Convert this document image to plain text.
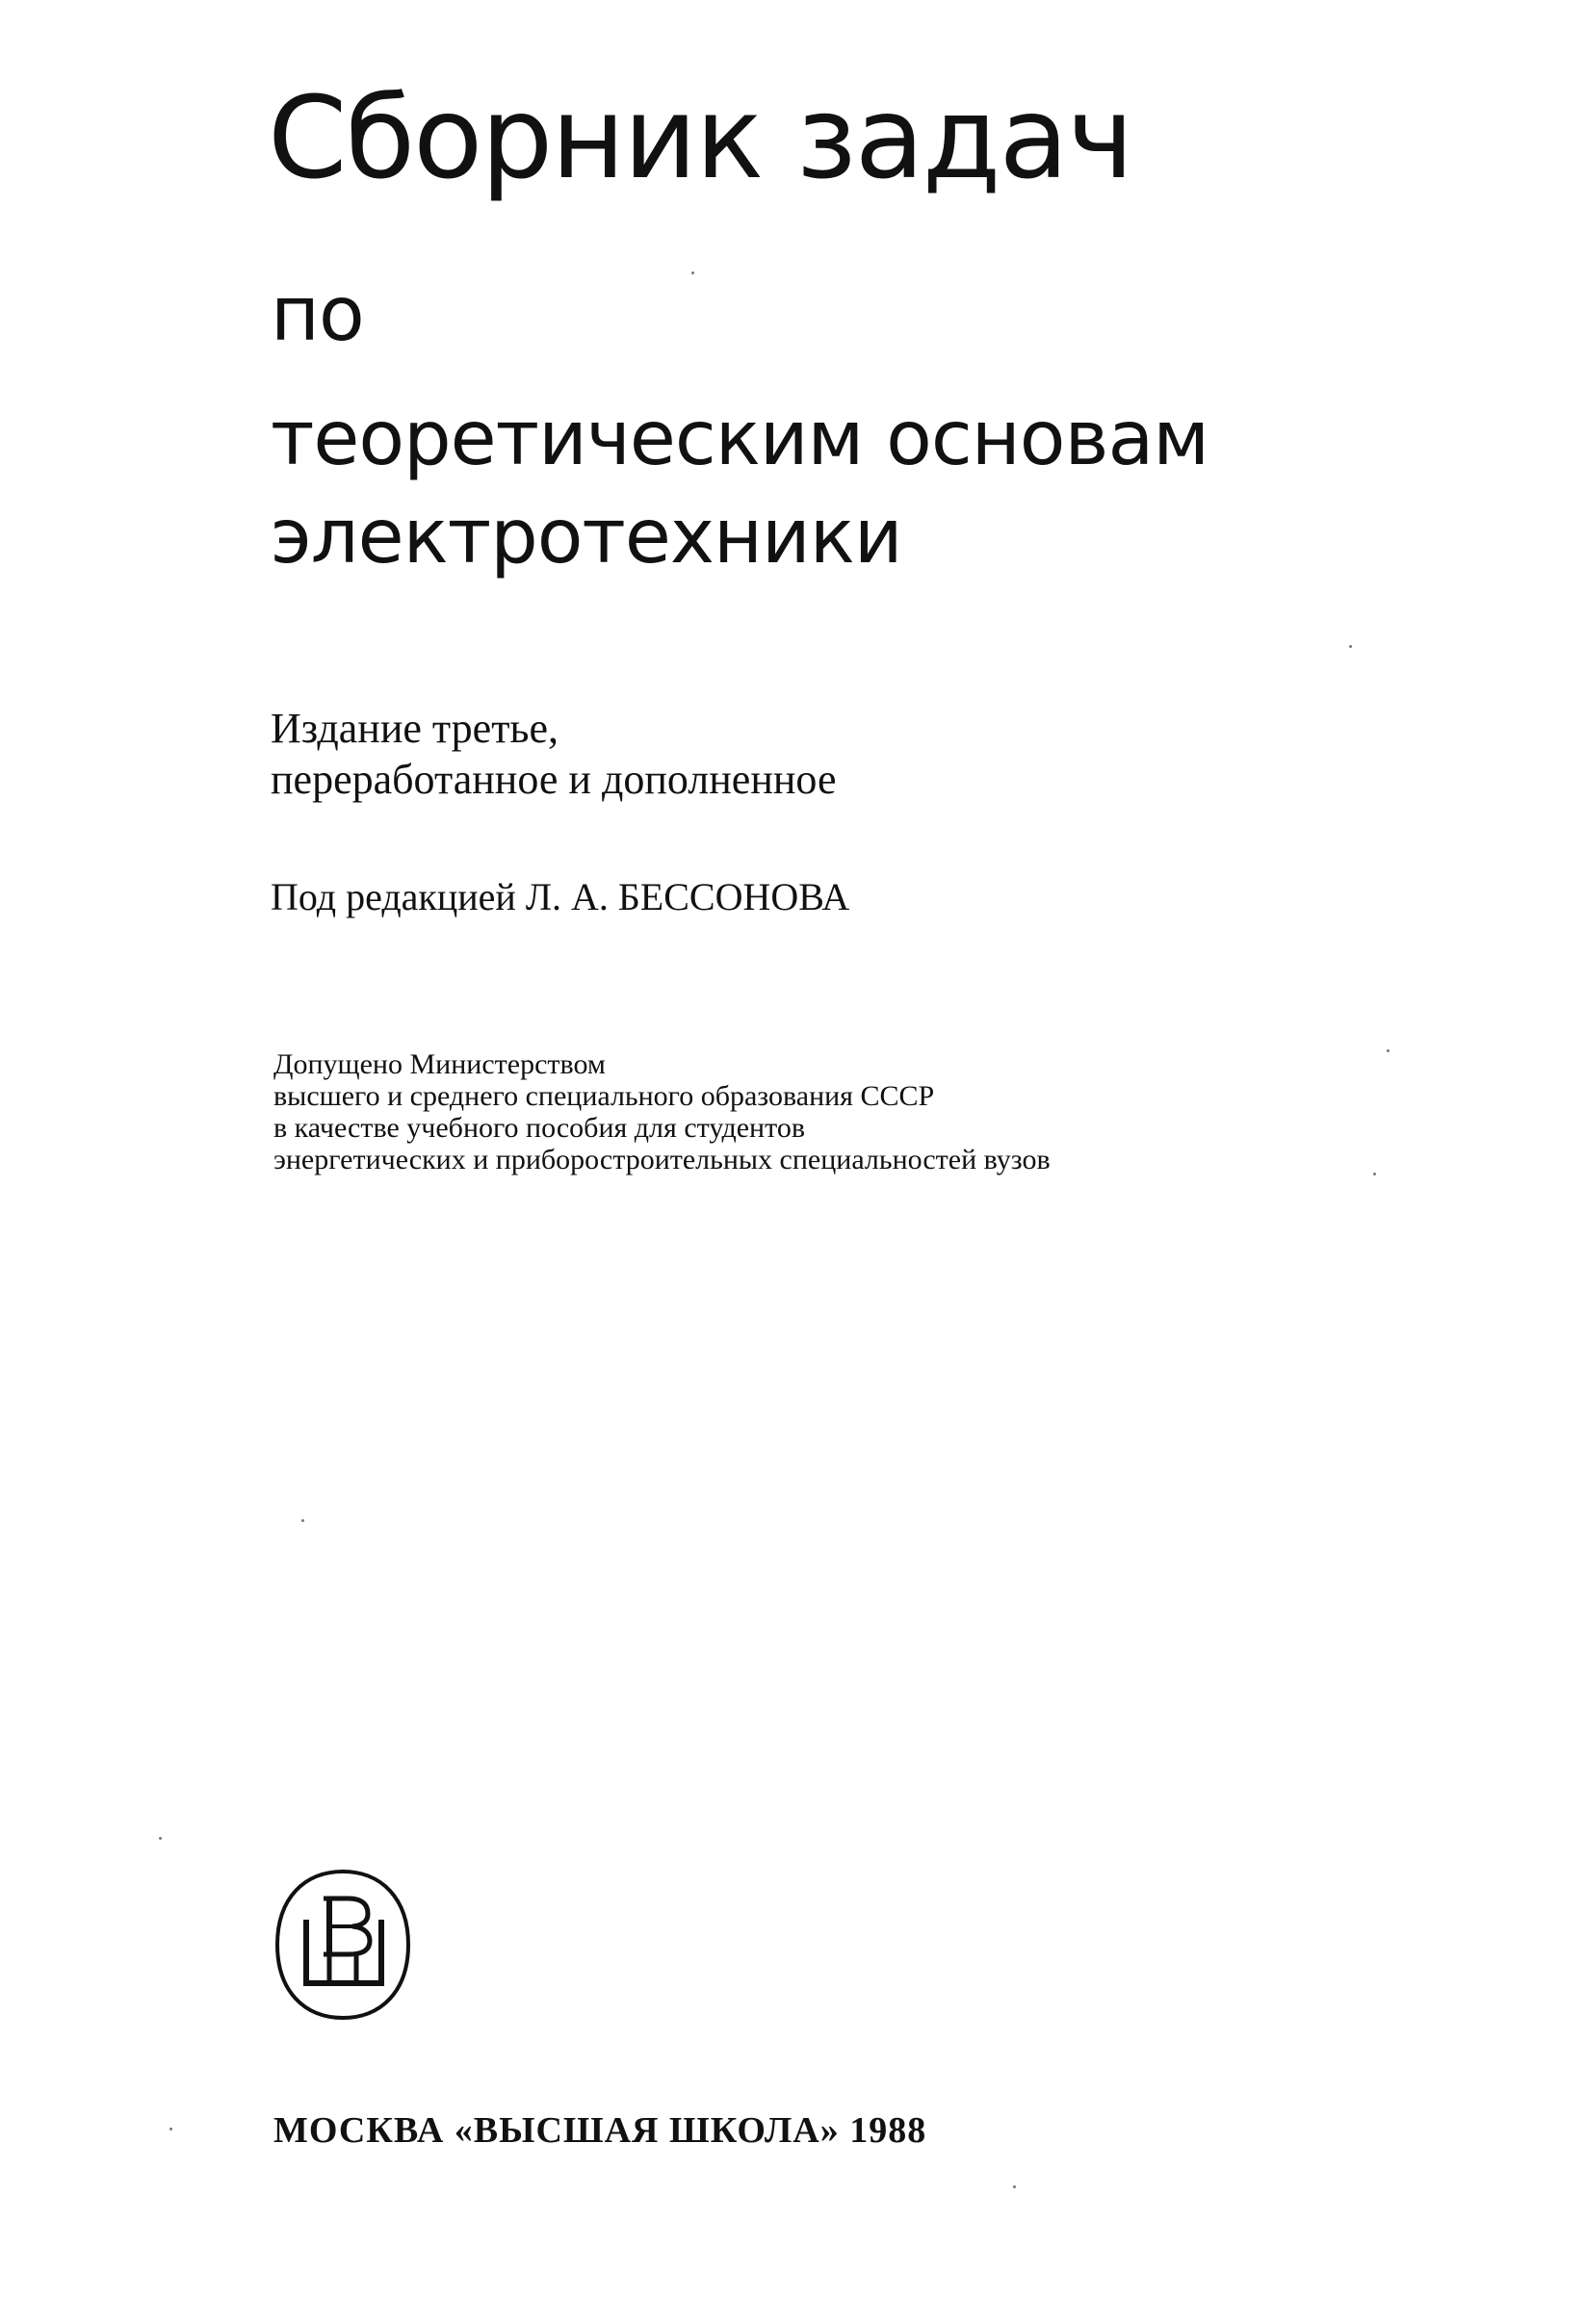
Сборник задач
по
теоретическим основам
электротехники
Издание третье,
переработанное и дополненное
Под редакцией Л. А. БЕССОНОВА
Допущено Министерством
высшего и среднего специального образования СССР
в качестве учебного пособия для студентов
энергетических и приборостроительных специальностей вузов
МОСКВА «ВЫСШАЯ ШКОЛА» 1988
